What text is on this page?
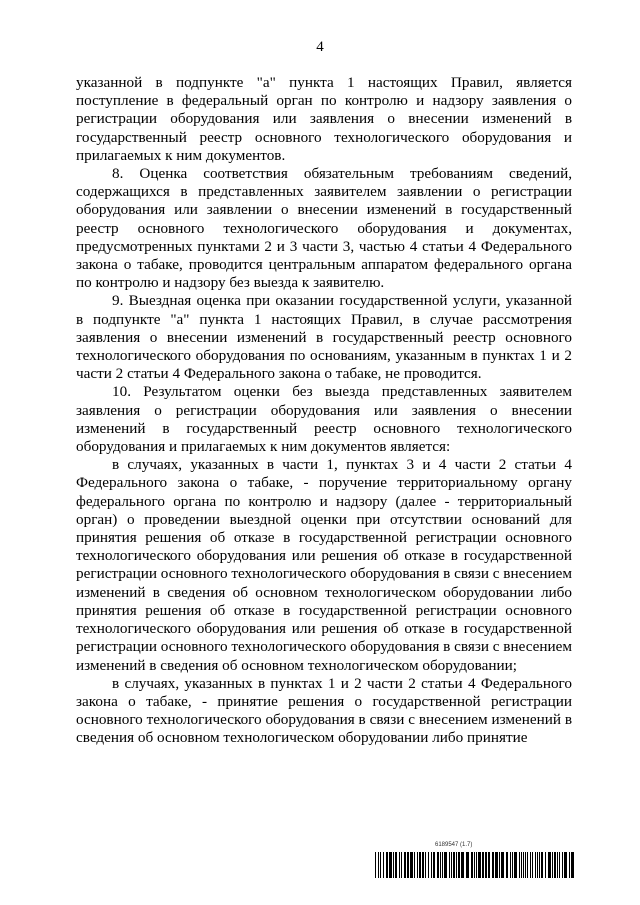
4

указанной в подпункте "а" пункта 1 настоящих Правил, является поступление в федеральный орган по контролю и надзору заявления о регистрации оборудования или заявления о внесении изменений в государственный реестр основного технологического оборудования и прилагаемых к ним документов.

8. Оценка соответствия обязательным требованиям сведений, содержащихся в представленных заявителем заявлении о регистрации оборудования или заявлении о внесении изменений в государственный реестр основного технологического оборудования и документах, предусмотренных пунктами 2 и 3 части 3, частью 4 статьи 4 Федерального закона о табаке, проводится центральным аппаратом федерального органа по контролю и надзору без выезда к заявителю.

9. Выездная оценка при оказании государственной услуги, указанной в подпункте "а" пункта 1 настоящих Правил, в случае рассмотрения заявления о внесении изменений в государственный реестр основного технологического оборудования по основаниям, указанным в пунктах 1 и 2 части 2 статьи 4 Федерального закона о табаке, не проводится.

10. Результатом оценки без выезда представленных заявителем заявления о регистрации оборудования или заявления о внесении изменений в государственный реестр основного технологического оборудования и прилагаемых к ним документов является:

в случаях, указанных в части 1, пунктах 3 и 4 части 2 статьи 4 Федерального закона о табаке, - поручение территориальному органу федерального органа по контролю и надзору (далее - территориальный орган) о проведении выездной оценки при отсутствии оснований для принятия решения об отказе в государственной регистрации основного технологического оборудования или решения об отказе в государственной регистрации основного технологического оборудования в связи с внесением изменений в сведения об основном технологическом оборудовании либо принятия решения об отказе в государственной регистрации основного технологического оборудования или решения об отказе в государственной регистрации основного технологического оборудования в связи с внесением изменений в сведения об основном технологическом оборудовании;

в случаях, указанных в пунктах 1 и 2 части 2 статьи 4 Федерального закона о табаке, - принятие решения о государственной регистрации основного технологического оборудования в связи с внесением изменений в сведения об основном технологическом оборудовании либо принятие

6189547 (1.7)
